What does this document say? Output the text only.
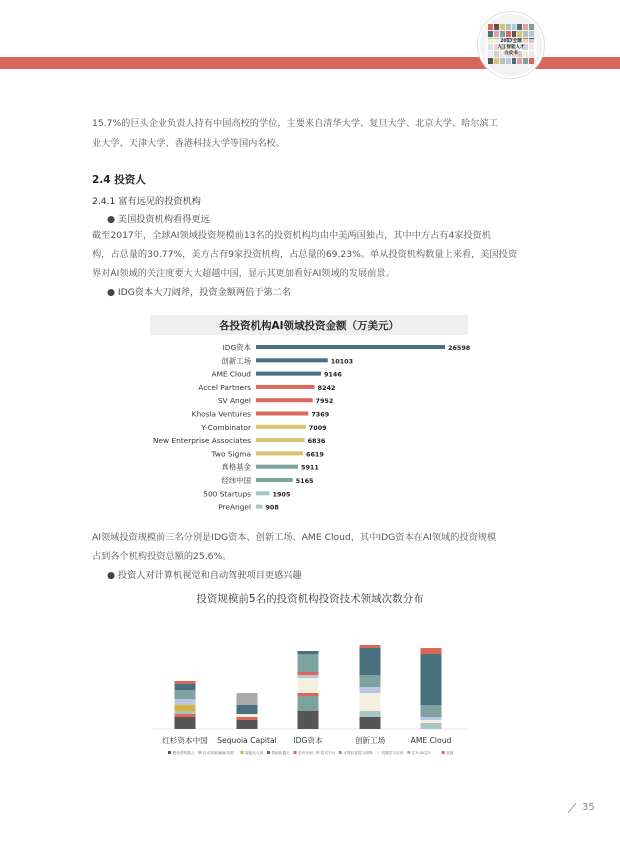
2017全球
人工智能人才
白皮书
15.7%的巨头企业负责人持有中国高校的学位，主要来自清华大学、复旦大学、北京大学、哈尔滨工
业大学、天津大学、香港科技大学等国内名校。
2.4 投资人
2.4.1 富有远见的投资机构
● 美国投资机构看得更远
截至2017年，全球AI领域投资规模前13名的投资机构均由中美两国独占，其中中方占有4家投资机
构，占总量的30.77%，美方占有9家投资机构，占总量的69.23%。单从投资机构数量上来看，美国投资
界对AI领域的关注度要大大超越中国，显示其更加看好AI领域的发展前景。
● IDG资本大刀阔斧，投资金额两倍于第二名
各投资机构AI领域投资金额（万美元）
IDG资本	26598
创新工场	10103
AME Cloud	9146
Accel Partners	8242
SV Angel	7952
Khosla Ventures	7369
Y-Combinator	7009
New Enterprise Associates	6836
Two Sigma	6619
真格基金	5911
经纬中国	5165
500 Startups	1905
PreAngel 908
AI领域投资规模前三名分别是IDG资本、创新工场、AME Cloud，其中IDG资本在AI领域的投资规模
占到各个机构投资总额的25.6%。
● 投资人对计算机视觉和自动驾驶项目更感兴趣
投资规模前5名的投资机构投资技术领域次数分布
红杉资本中国 Sequoia Capital IDG资本	创新工场	AME Cloud
服务型机器人 自动驾驶/辅助驾驶	智能无人机 智能机器人 语音识别 技术平台 计算机视觉与图像 机器学习应用 芯片/AI芯片	其他
35
